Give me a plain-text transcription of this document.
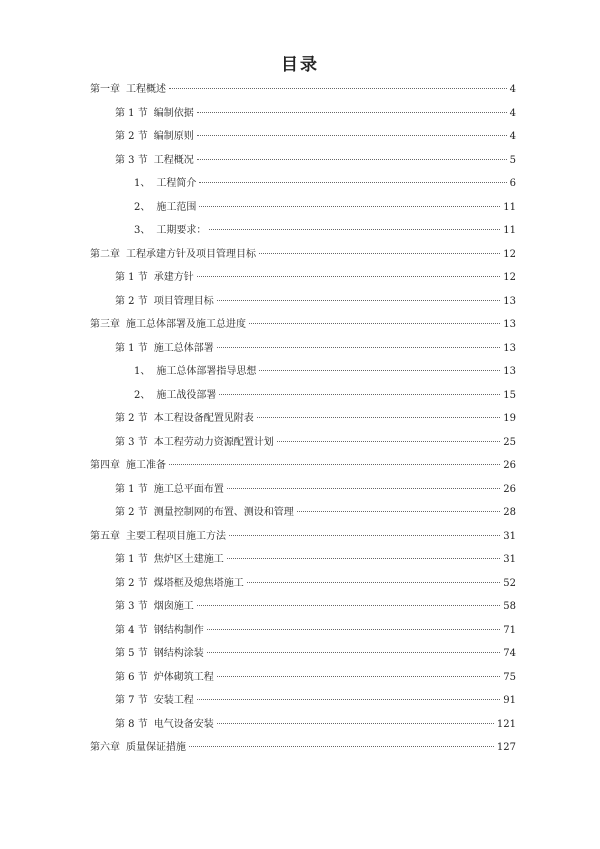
目录
第一章 工程概述	4
第 1 节 编制依据	4
第 2 节 编制原则	4
第 3 节 工程概况	5
1、 工程简介	6
2、 施工范围	11
3、 工期要求：	11
第二章 工程承建方针及项目管理目标	12
第 1 节 承建方针	12
第 2 节 项目管理目标	13
第三章 施工总体部署及施工总进度	13
第 1 节 施工总体部署	13
1、 施工总体部署指导思想	13
2、 施工战役部署	15
第 2 节 本工程设备配置见附表	19
第 3 节 本工程劳动力资源配置计划	25
第四章 施工准备	26
第 1 节 施工总平面布置	26
第 2 节 测量控制网的布置、测设和管理	28
第五章 主要工程项目施工方法	31
第 1 节 焦炉区土建施工	31
第 2 节 煤塔框及熄焦塔施工	52
第 3 节 烟囱施工	58
第 4 节 钢结构制作	71
第 5 节 钢结构涂装	74
第 6 节 炉体砌筑工程	75
第 7 节 安装工程	91
第 8 节 电气设备安装	121
第六章 质量保证措施	127
